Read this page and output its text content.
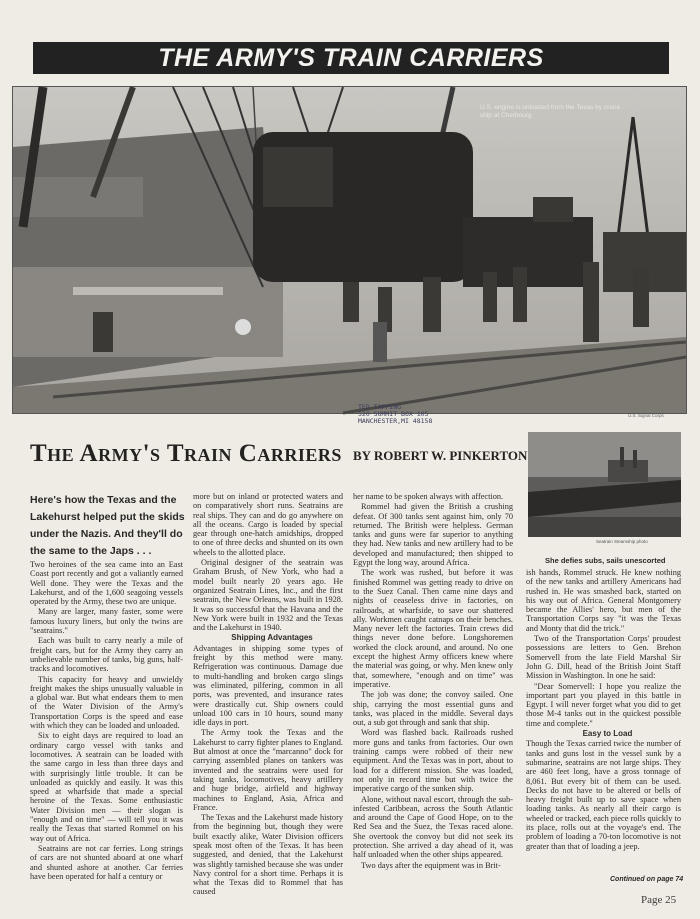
THE ARMY'S TRAIN CARRIERS
U.S. engine is unloaded from the Texas by crane ship at Cherbourg
U.S. Signal Corps
TED TAPPING
520 SUMMIT BOX 105
MANCHESTER,MI 48158
The Army's Train Carriers BY ROBERT W. PINKERTON
Here's how the Texas and the Lakehurst helped put the skids under the Nazis. And they'll do the same to the Japs . . .

Two heroines of the sea came into an East Coast port recently and got a valiantly earned Well done. They were the Texas and the Lakehurst, and of the 1,600 seagoing vessels operated by the Army, these two are unique.

Many are larger, many faster, some were famous luxury liners, but only the twins are "seatrains."

Each was built to carry nearly a mile of freight cars, but for the Army they carry an unbelievable number of tanks, big guns, half-tracks and locomotives.

This capacity for heavy and unwieldy freight makes the ships unusually valuable in a global war. But what endears them to men of the Water Division of the Army's Transportation Corps is the speed and ease with which they can be loaded and unloaded.

Six to eight days are required to load an ordinary cargo vessel with tanks and locomotives. A seatrain can be loaded with the same cargo in less than three days and with surprisingly little trouble. It can be unloaded as quickly and easily. It was this speed at wharfside that made a special heroine of the Texas. Some enthusiastic Water Division men — their slogan is "enough and on time" — will tell you it was really the Texas that started Rommel on his way out of Africa.

Seatrains are not car ferries. Long strings of cars are not shunted aboard at one wharf and shunted ashore at another. Car ferries have been operated for half a century or

more but on inland or protected waters and on comparatively short runs. Seatrains are real ships. They can and do go anywhere on all the oceans. Cargo is loaded by special gear through one-hatch amidships, dropped to one of three decks and shunted on its own wheels to the allotted place.

Original designer of the seatrain was Graham Brush, of New York, who had a model built nearly 20 years ago. He organized Seatrain Lines, Inc., and the first seatrain, the New Orleans, was built in 1928. It was so successful that the Havana and the New York were built in 1932 and the Texas and the Lakehurst in 1940.

Shipping Advantages

Advantages in shipping some types of freight by this method were many. Refrigeration was continuous. Damage due to multi-handling and broken cargo slings was eliminated, pilfering, common in all ports, was prevented, and insurance rates were drastically cut. Ship owners could unload 100 cars in 10 hours, sound many idle days in port.

The Army took the Texas and the Lakehurst to carry fighter planes to England. But almost at once the "marcanno" dock for carrying assembled planes on tankers was invented and the seatrains were used for taking tanks, locomotives, heavy artillery and huge bridge, airfield and highway machines to England, Asia, Africa and France.

The Texas and the Lakehurst made history from the beginning but, though they were built exactly alike, Water Division officers speak most often of the Texas. It has been suggested, and denied, that the Lakehurst was slightly tarnished because she was under Navy control for a short time. Perhaps it is what the Texas did to Rommel that has caused

her name to be spoken always with affection.

Rommel had given the British a crushing defeat. Of 300 tanks sent against him, only 70 returned. The British were helpless. German tanks and guns were far superior to anything they had. New tanks and new artillery had to be developed and manufactured; then shipped to Egypt the long way, around Africa.

The work was rushed, but before it was finished Rommel was getting ready to drive on to the Suez Canal. Then came nine days and nights of ceaseless drive in factories, on railroads, at wharfside, to save our shattered ally. Workmen caught catnaps on their benches. Many never left the factories. Train crews did things never done before. Longshoremen worked the clock around, and around. No one except the highest Army officers knew where the material was going, or why. Men knew only that, somewhere, "enough and on time" was imperative.

The job was done; the convoy sailed. One ship, carrying the most essential guns and tanks, was placed in the middle. Several days out, a sub got through and sank that ship.

Word was flashed back. Railroads rushed more guns and tanks from factories. Our own training camps were robbed of their new equipment. And the Texas was in port, about to load for a different mission. She was loaded, not only in record time but with twice the imperative cargo of the sunken ship.

Alone, without naval escort, through the sub-infested Caribbean, across the South Atlantic and around the Cape of Good Hope, on to the Red Sea and the Suez, the Texas raced alone. She overtook the convoy but did not seek its protection. She arrived a day ahead of it, was half unloaded when the other ships appeared.

Two days after the equipment was in Brit-

Seatrain Steamship photo
She defies subs, sails unescorted

ish hands, Rommel struck. He knew nothing of the new tanks and artillery Americans had rushed in. He was smashed back, started on his way out of Africa. General Montgomery became the Allies' hero, but men of the Transportation Corps say "it was the Texas and Monty that did the trick."

Two of the Transportation Corps' proudest possessions are letters to Gen. Brehon Somervell from the late Field Marshal Sir John G. Dill, head of the British Joint Staff Mission in Washington. In one he said:

"Dear Somervell: I hope you realize the important part you played in this battle in Egypt. I will never forget what you did to get those M-4 tanks out in the quickest possible time and complete."

Easy to Load

Though the Texas carried twice the number of tanks and guns lost in the vessel sunk by a submarine, seatrains are not large ships. They are 460 feet long, have a gross tonnage of 8,061. But every bit of them can be used. Decks do not have to be altered or bells of heavy freight built up to save space when loading tanks. As nearly all their cargo is wheeled or tracked, each piece rolls quickly to its place, rolls out at the voyage's end. The problem of loading a 70-ton locomotive is not greater than that of loading a jeep.

Continued on page 74
Page 25
